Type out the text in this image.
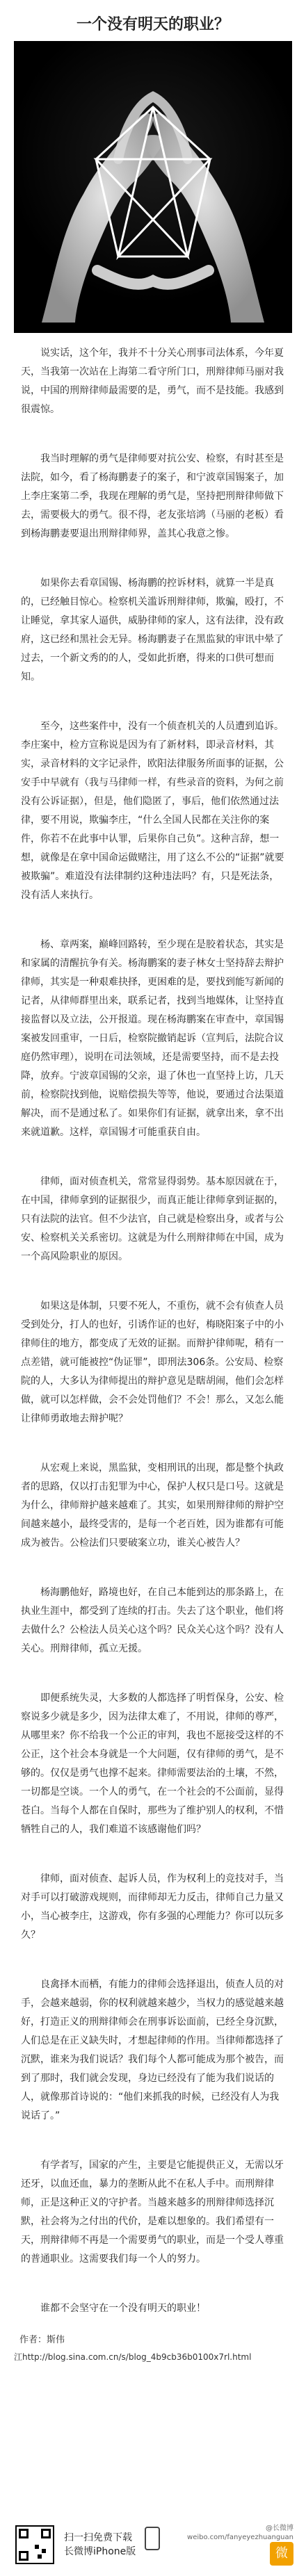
一个没有明天的职业？
说实话，这个年，我并不十分关心刑事司法体系，今年夏天，当我第一次站在上海第二看守所门口，刑辩律师马丽对我说，中国的刑辩律师最需要的是，勇气，而不是技能。我感到很震惊。
我当时理解的勇气是律师要对抗公安、检察，有时甚至是法院，如今，看了杨海鹏妻子的案子，和宁波章国锡案子，加上李庄案第二季，我现在理解的勇气是，坚持把刑辩律师做下去，需要极大的勇气。很不得，老友张培鸿（马丽的老板）看到杨海鹏妻要退出刑辩律师界，盖其心我意之惨。
如果你去看章国锡、杨海鹏的控诉材料，就算一半是真的，已经触目惊心。检察机关滥诉刑辩律师，欺骗，殴打，不让睡觉，拿其家人逼供，威胁律师的家人，这有法律，没有政府，这已经和黑社会无异。杨海鹏妻子在黑监狱的审讯中晕了过去，一个新文秀的的人，受如此折磨，得来的口供可想而知。
至今，这些案件中，没有一个侦查机关的人员遭到追诉。李庄案中，检方宣称说是因为有了新材料，即录音材料，其实，录音材料的文字记录件，欧阳法律服务所面事的证据，公安手中早就有（我与马律师一样，有些录音的资料，为何之前没有公诉证据），但是，他们隐匿了，事后，他们依然通过法律，要不用说，欺骗李庄，“什么全国人民都在关注你的案件，你若不在此事中认罪，后果你自己负”。这种言辞，想一想，就像是在拿中国命运做赌注，用了这么不公的“证据”就要被欺骗”。难道没有法律制约这种违法吗？有，只是死法条，没有活人来执行。
杨、章两案，巅峰回路转，至少现在是胶着状态，其实是和家属的清醒抗争有关。杨海鹏案的妻子林女士坚持辞去辩护律师，其实是一种艰难抉择，更困难的是，要找到能写新闻的记者，从律师群里出来，联系记者，找到当地媒体，让坚持直接监督以及立法，公开报道。现在杨海鹏案在审查中，章国锡案被发回重审，一日后，检察院撤销起诉（宣判后，法院合议庭仍然审理），说明在司法领域，还是需要坚持，而不是去投降，放弃。宁波章国锡的父亲，退了休也一直坚持上访，几天前，检察院找到他，说赔偿损失等等，他说，要通过合法渠道解决，而不是通过私了。如果你们有证据，就拿出来，拿不出来就道歉。这样，章国锡才可能重获自由。
律师，面对侦查机关，常常显得弱势。基本原因就在于，在中国，律师拿到的证据很少，而真正能让律师拿到证据的，只有法院的法官。但不少法官，自己就是检察出身，或者与公安、检察机关关系密切。这就是为什么刑辩律师在中国，成为一个高风险职业的原因。
如果这是体制，只要不死人，不重伤，就不会有侦查人员受到处分，打人的也好，引诱作证的也好，梅晓阳案子中的小律师住的地方，都变成了无效的证据。而辩护律师呢，稍有一点差错，就可能被控“伪证罪”，即刑法306条。公安局、检察院的人，大多认为律师提出的辩护意见是瞎胡闹，他们会怎样做，就可以怎样做，会不会处罚他们？不会！那么，又怎么能让律师勇敢地去辩护呢？
从宏观上来说，黑监狱，变相刑讯的出现，都是整个执政者的思路，仅以打击犯罪为中心，保护人权只是口号。这就是为什么，律师辩护越来越难了。其实，如果刑辩律师的辩护空间越来越小，最终受害的，是每一个老百姓，因为谁都有可能成为被告。公检法们只要破案立功，谁关心被告人？
杨海鹏他好，路境也好，在自己本能到达的那条路上，在执业生涯中，都受到了连续的打击。失去了这个职业，他们将去做什么？公检法人员关心这个吗？民众关心这个吗？没有人关心。刑辩律师，孤立无援。
即便系统失灵，大多数的人都选择了明哲保身，公安、检察说多少就是多少，因为法律太难了，不用说，律师的尊严，从哪里来？你不给我一个公正的审判，我也不愿接受这样的不公正，这个社会本身就是一个大问题，仅有律师的勇气，是不够的。仅仅是勇气也撑不起来。律师需要法治的土壤，不然，一切都是空谈。一个人的勇气，在一个社会的不公面前，显得苍白。当每个人都在自保时，那些为了维护别人的权利，不惜牺牲自己的人，我们难道不该感谢他们吗？
律师，面对侦查、起诉人员，作为权利上的竞技对手，当对手可以打破游戏规则，而律师却无力反击，律师自己力量又小，当心被李庄，这游戏，你有多强的心理能力？你可以玩多久？
良禽择木而栖，有能力的律师会选择退出，侦查人员的对手，会越来越弱，你的权利就越来越少，当权力的感觉越来越好，打造正义的刑辩律师会在刑事诉讼面前，已经全身沉默，人们总是在正义缺失时，才想起律师的作用。当律师都选择了沉默，谁来为我们说话？我们每个人都可能成为那个被告，而到了那时，我们就会发现，身边已经没有了能为我们说话的人，就像那首诗说的：“他们来抓我的时候，已经没有人为我说话了。”
有学者写，国家的产生，主要是它能提供正义，无需以牙还牙，以血还血，暴力的垄断从此不在私人手中。而刑辩律师，正是这种正义的守护者。当越来越多的刑辩律师选择沉默，社会将为之付出的代价，是难以想象的。我们希望有一天，刑辩律师不再是一个需要勇气的职业，而是一个受人尊重的普通职业。这需要我们每一个人的努力。
谁都不会坚守在一个没有明天的职业！
作者：斯伟
江http://blog.sina.com.cn/s/blog_4b9cb36b0100x7rl.html
扫一扫免费下载
长微博iPhone版
@长微博
weibo.com/fanyeyezhuanguan
微
